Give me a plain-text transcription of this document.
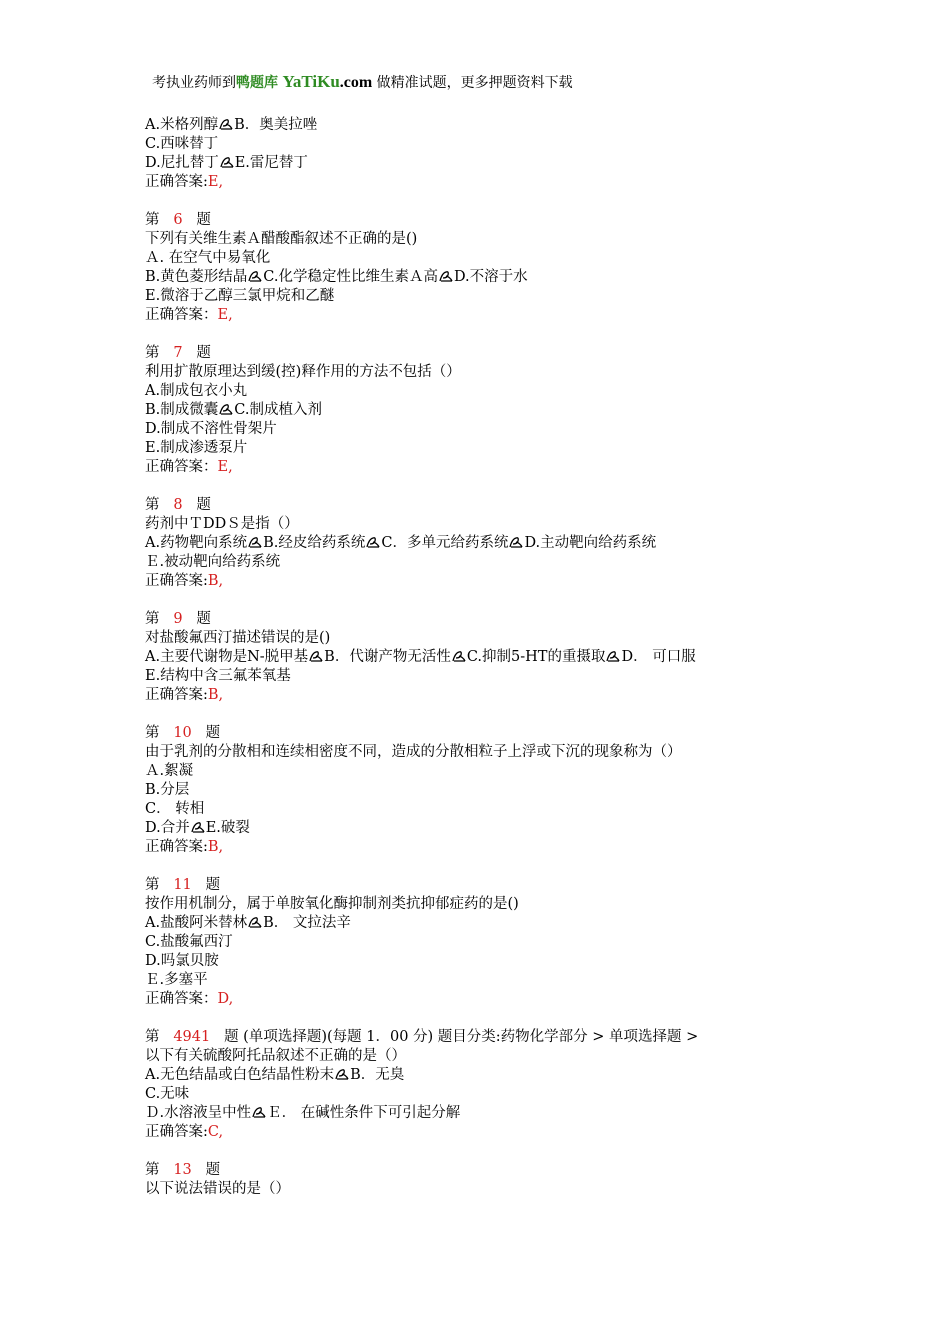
考执业药师到鸭题库 YaTiKu.com 做精准试题，更多押题资料下载
A.米格列醇 B．奥美拉唑
C.西咪替丁
D.尼扎替丁 E.雷尼替丁
正确答案:E,
第 6 题
下列有关维生素Ａ醋酸酯叙述不正确的是()
Ａ. 在空气中易氧化
B.黄色菱形结晶 C.化学稳定性比维生素Ａ高 D.不溶于水
E.微溶于乙醇三氯甲烷和乙醚
正确答案：E,
第 7 题
利用扩散原理达到缓(控)释作用的方法不包括（）
A.制成包衣小丸
B.制成微囊 C.制成植入剂
D.制成不溶性骨架片
E.制成渗透泵片
正确答案：E,
第 8 题
药剂中ＴDDＳ是指（）
A.药物靶向系统 B.经皮给药系统 C．多单元给药系统 D.主动靶向给药系统
Ｅ.被动靶向给药系统
正确答案:B,
第 9 题
对盐酸氟西汀描述错误的是()
A.主要代谢物是N-脱甲基 B．代谢产物无活性 C.抑制5-HT的重摄取 D． 可口服
E.结构中含三氟苯氧基
正确答案:B,
第 10 题
由于乳剂的分散相和连续相密度不同，造成的分散相粒子上浮或下沉的现象称为（）
Ａ.絮凝
B.分层
C． 转相
D.合并 E.破裂
正确答案:B,
第 11 题
按作用机制分，属于单胺氧化酶抑制剂类抗抑郁症药的是()
A.盐酸阿米替林 B． 文拉法辛
C.盐酸氟西汀
D.吗氯贝胺
Ｅ.多塞平
正确答案：D,
第 4941 题 (单项选择题)(每题 1．00 分) 题目分类:药物化学部分 > 单项选择题 >
以下有关硫酸阿托品叙述不正确的是（）
A.无色结晶或白色结晶性粉末 B．无臭
C.无味
Ｄ.水溶液呈中性 Ｅ． 在碱性条件下可引起分解
正确答案:C,
第 13 题
以下说法错误的是（）
